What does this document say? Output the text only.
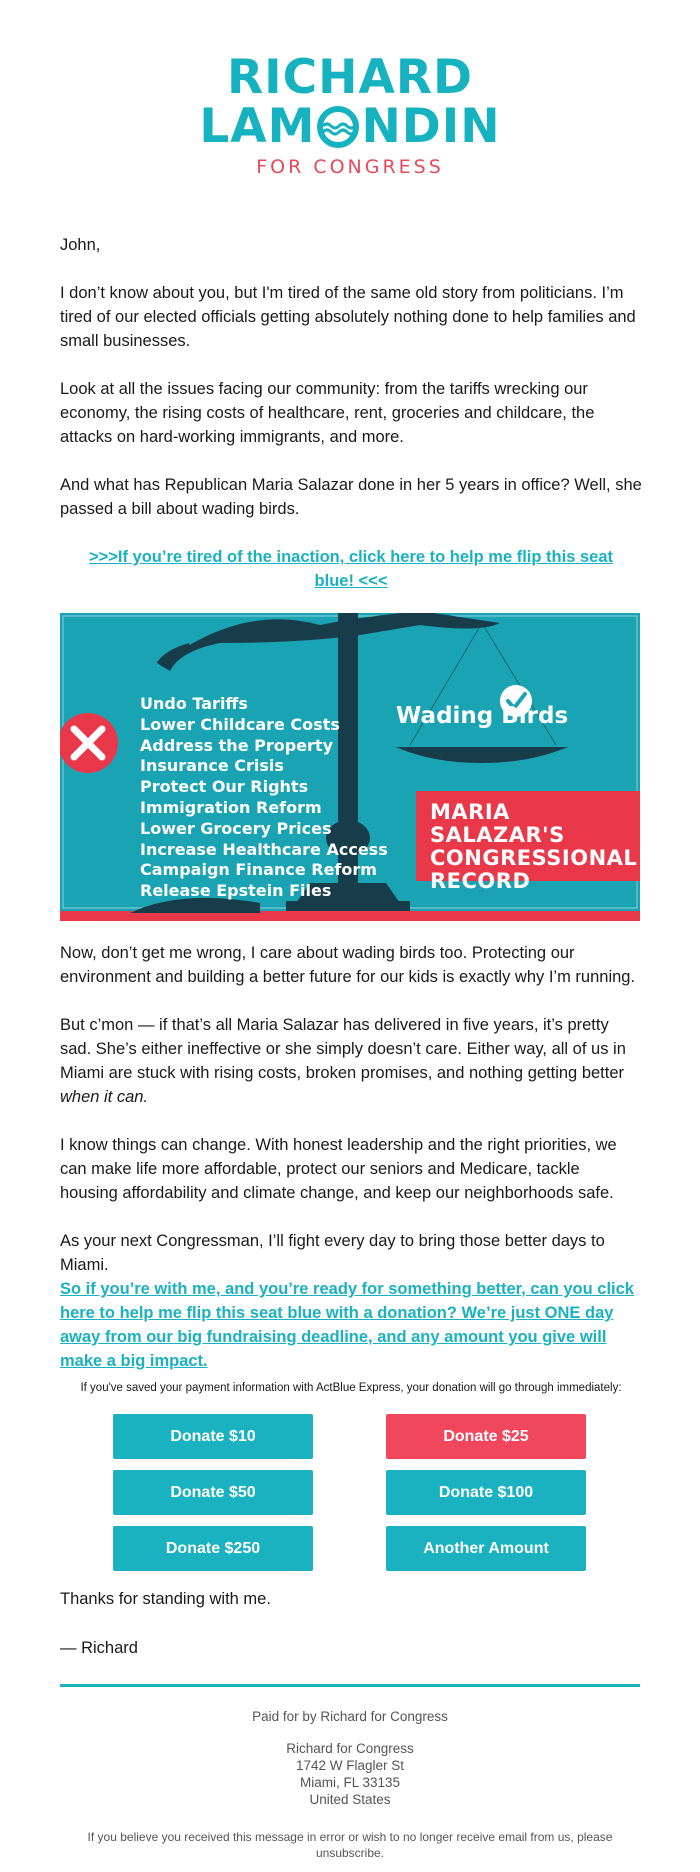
RICHARD
LAM NDIN
FOR CONGRESS

John,

I don’t know about you, but I'm tired of the same old story from politicians. I’m tired of our elected officials getting absolutely nothing done to help families and small businesses.

Look at all the issues facing our community: from the tariffs wrecking our economy, the rising costs of healthcare, rent, groceries and childcare, the attacks on hard-working immigrants, and more.

And what has Republican Maria Salazar done in her 5 years in office? Well, she passed a bill about wading birds.

>>>If you’re tired of the inaction, click here to help me flip this seat blue! <<<

Undo Tariffs
Lower Childcare Costs
Address the Property
Insurance Crisis
Protect Our Rights
Immigration Reform
Lower Grocery Prices
Increase Healthcare Access
Campaign Finance Reform
Release Epstein Files
Wading Birds
MARIA SALAZAR'S
CONGRESSIONAL
RECORD

Now, don’t get me wrong, I care about wading birds too. Protecting our environment and building a better future for our kids is exactly why I’m running.

But c’mon — if that’s all Maria Salazar has delivered in five years, it’s pretty sad. She’s either ineffective or she simply doesn’t care. Either way, all of us in Miami are stuck with rising costs, broken promises, and nothing getting better when it can.

I know things can change. With honest leadership and the right priorities, we can make life more affordable, protect our seniors and Medicare, tackle housing affordability and climate change, and keep our neighborhoods safe.

As your next Congressman, I’ll fight every day to bring those better days to Miami.

So if you’re with me, and you’re ready for something better, can you click here to help me flip this seat blue with a donation? We’re just ONE day away from our big fundraising deadline, and any amount you give will make a big impact.

If you've saved your payment information with ActBlue Express, your donation will go through immediately:
Donate $10	Donate $25
Donate $50	Donate $100
Donate $250	Another Amount

Thanks for standing with me.

— Richard

Paid for by Richard for Congress
Richard for Congress
1742 W Flagler St
Miami, FL 33135
United States
If you believe you received this message in error or wish to no longer receive email from us, please unsubscribe.
